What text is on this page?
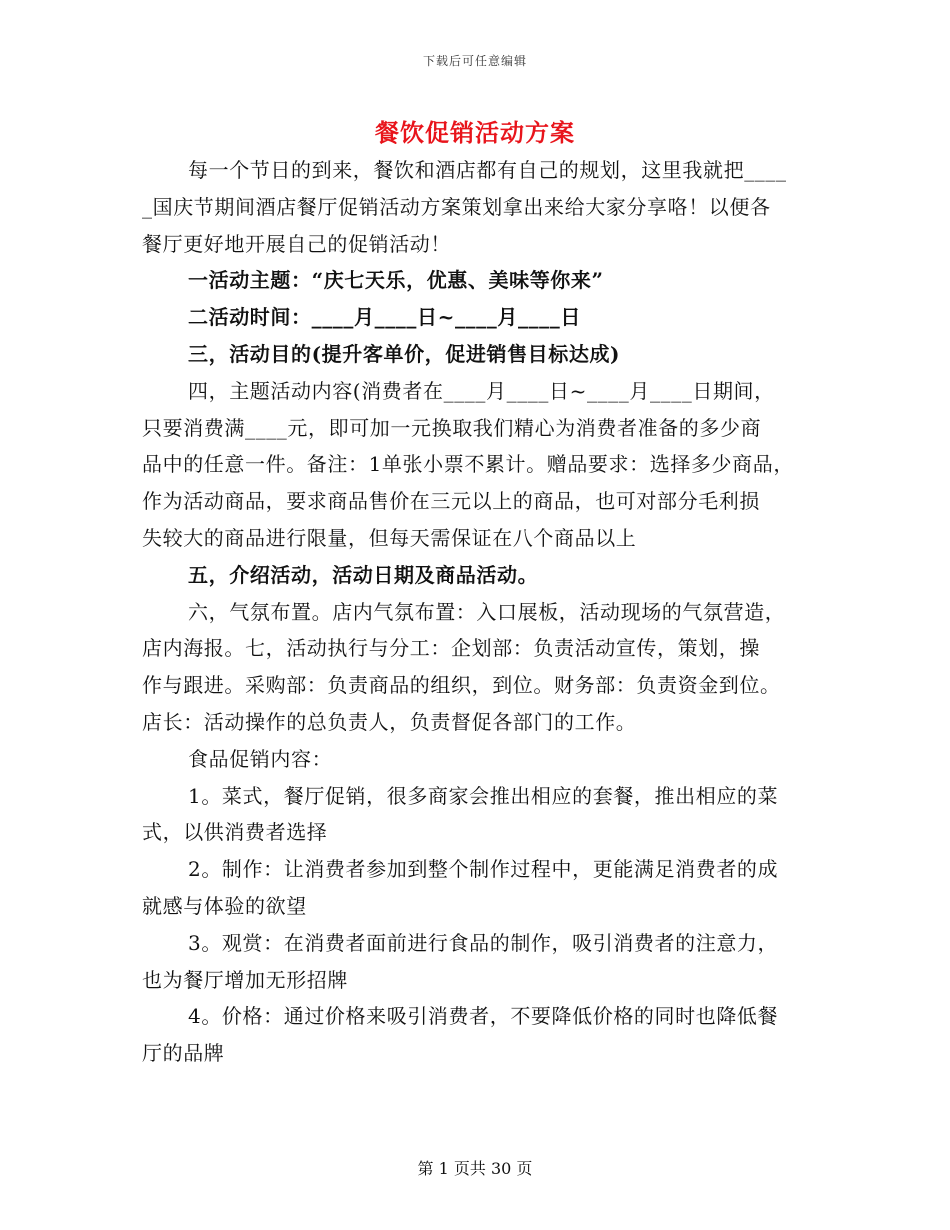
下载后可任意编辑
餐饮促销活动方案
每一个节日的到来，餐饮和酒店都有自己的规划，这里我就把____
_国庆节期间酒店餐厅促销活动方案策划拿出来给大家分享咯！以便各
餐厅更好地开展自己的促销活动！
一活动主题：“庆七天乐，优惠、美味等你来”
二活动时间：____月____日~____月____日
三，活动目的(提升客单价，促进销售目标达成)
四，主题活动内容(消费者在____月____日~____月____日期间，
只要消费满____元，即可加一元换取我们精心为消费者准备的多少商
品中的任意一件。备注：1单张小票不累计。赠品要求：选择多少商品，
作为活动商品，要求商品售价在三元以上的商品，也可对部分毛利损
失较大的商品进行限量，但每天需保证在八个商品以上
五，介绍活动，活动日期及商品活动。
六，气氛布置。店内气氛布置：入口展板，活动现场的气氛营造，
店内海报。七，活动执行与分工：企划部：负责活动宣传，策划，操
作与跟进。采购部：负责商品的组织，到位。财务部：负责资金到位。
店长：活动操作的总负责人，负责督促各部门的工作。
食品促销内容：
1。菜式，餐厅促销，很多商家会推出相应的套餐，推出相应的菜
式，以供消费者选择
2。制作：让消费者参加到整个制作过程中，更能满足消费者的成
就感与体验的欲望
3。观赏：在消费者面前进行食品的制作，吸引消费者的注意力，
也为餐厅增加无形招牌
4。价格：通过价格来吸引消费者，不要降低价格的同时也降低餐
厅的品牌
第 1 页共 30 页
